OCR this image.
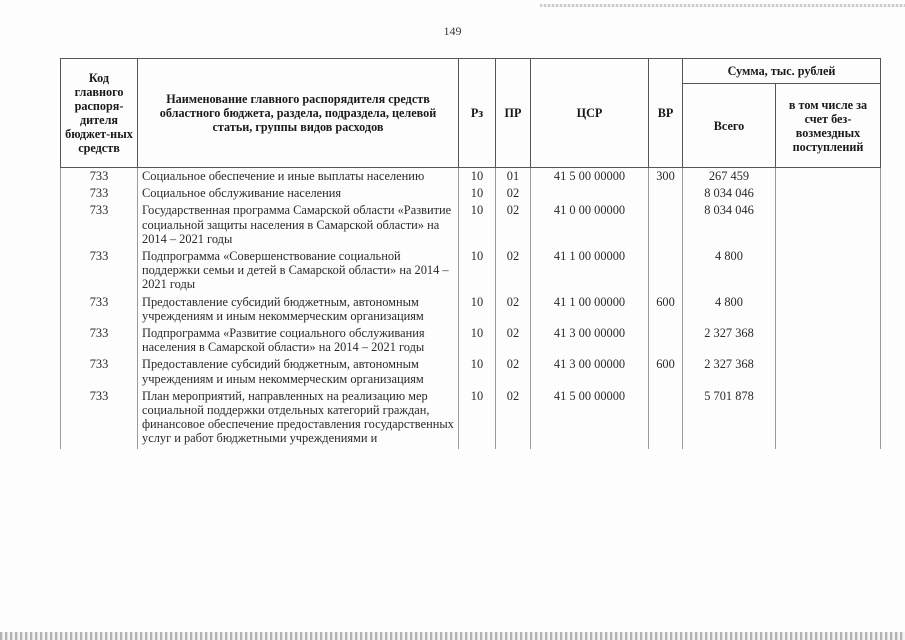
149
Код главного распоря-дителя бюджет-ных средств	Наименование главного распорядителя средств областного бюджета, раздела, подраздела, целевой статьи, группы видов расходов	Рз	ПР	ЦСР	ВР	Сумма, тыс. рублей	
						Всего	в том числе за счет без-возмездных поступлений
733	Социальное обеспечение и иные выплаты населению	10	01	41 5 00 00000	300	267 459	
733	Социальное обслуживание населения	10	02			8 034 046	
733	Государственная программа Самарской области «Развитие социальной защиты населения в Самарской области» на 2014 – 2021 годы	10	02	41 0 00 00000		8 034 046	
733	Подпрограмма «Совершенствование социальной поддержки семьи и детей в Самарской области» на 2014 – 2021 годы	10	02	41 1 00 00000		4 800	
733	Предоставление субсидий бюджетным, автономным учреждениям и иным некоммерческим организациям	10	02	41 1 00 00000	600	4 800	
733	Подпрограмма «Развитие социального обслуживания населения в Самарской области» на 2014 – 2021 годы	10	02	41 3 00 00000		2 327 368	
733	Предоставление субсидий бюджетным, автономным учреждениям и иным некоммерческим организациям	10	02	41 3 00 00000	600	2 327 368	
733	План мероприятий, направленных на реализацию мер социальной поддержки отдельных категорий граждан, финансовое обеспечение предоставления государственных услуг и работ бюджетными учреждениями и	10	02	41 5 00 00000		5 701 878	
